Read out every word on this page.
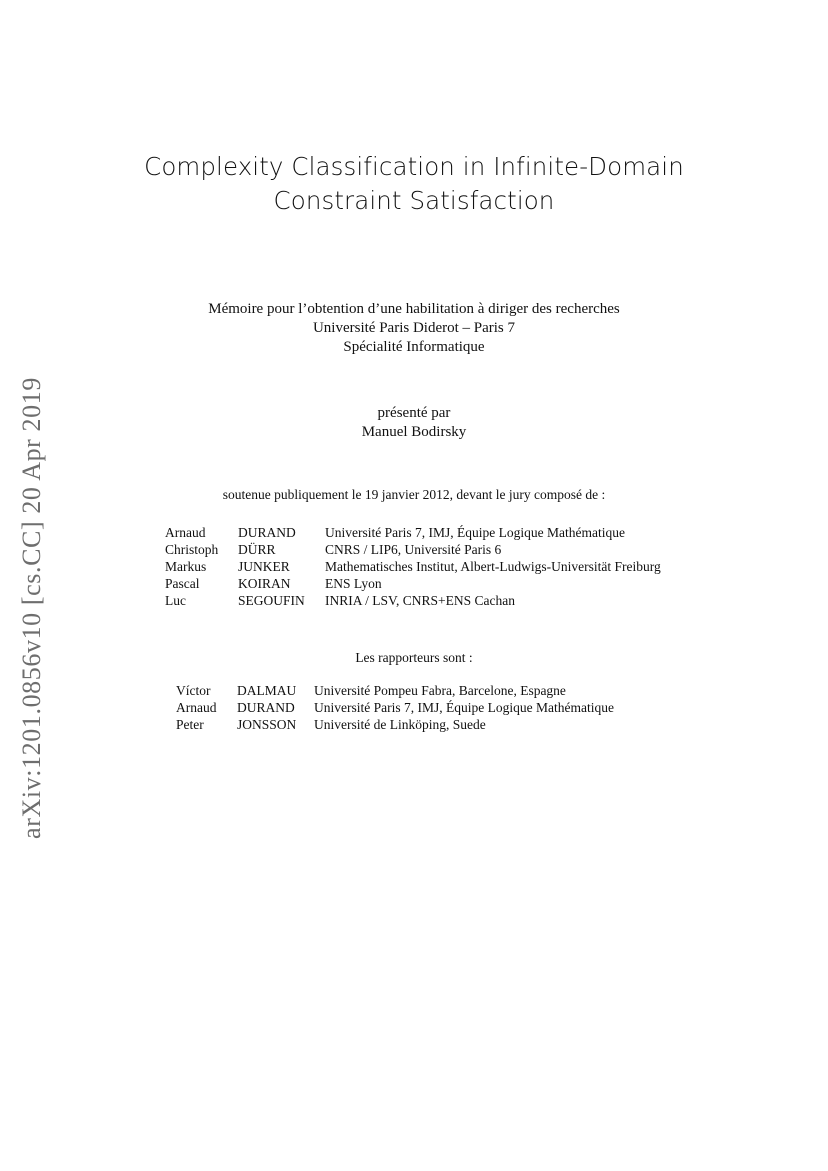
arXiv:1201.0856v10 [cs.CC] 20 Apr 2019
Complexity Classification in Infinite-Domain
Constraint Satisfaction
Mémoire pour l’obtention d’une habilitation à diriger des recherches
Université Paris Diderot – Paris 7
Spécialité Informatique
présenté par
Manuel Bodirsky
soutenue publiquement le 19 janvier 2012, devant le jury composé de :
Arnaud	DURAND	Université Paris 7, IMJ, Équipe Logique Mathématique
Christoph	DÜRR	CNRS / LIP6, Université Paris 6
Markus	JUNKER	Mathematisches Institut, Albert-Ludwigs-Universität Freiburg
Pascal	KOIRAN	ENS Lyon
Luc	SEGOUFIN	INRIA / LSV, CNRS+ENS Cachan
Les rapporteurs sont :
Víctor	DALMAU	Université Pompeu Fabra, Barcelone, Espagne
Arnaud	DURAND	Université Paris 7, IMJ, Équipe Logique Mathématique
Peter	JONSSON	Université de Linköping, Suede
